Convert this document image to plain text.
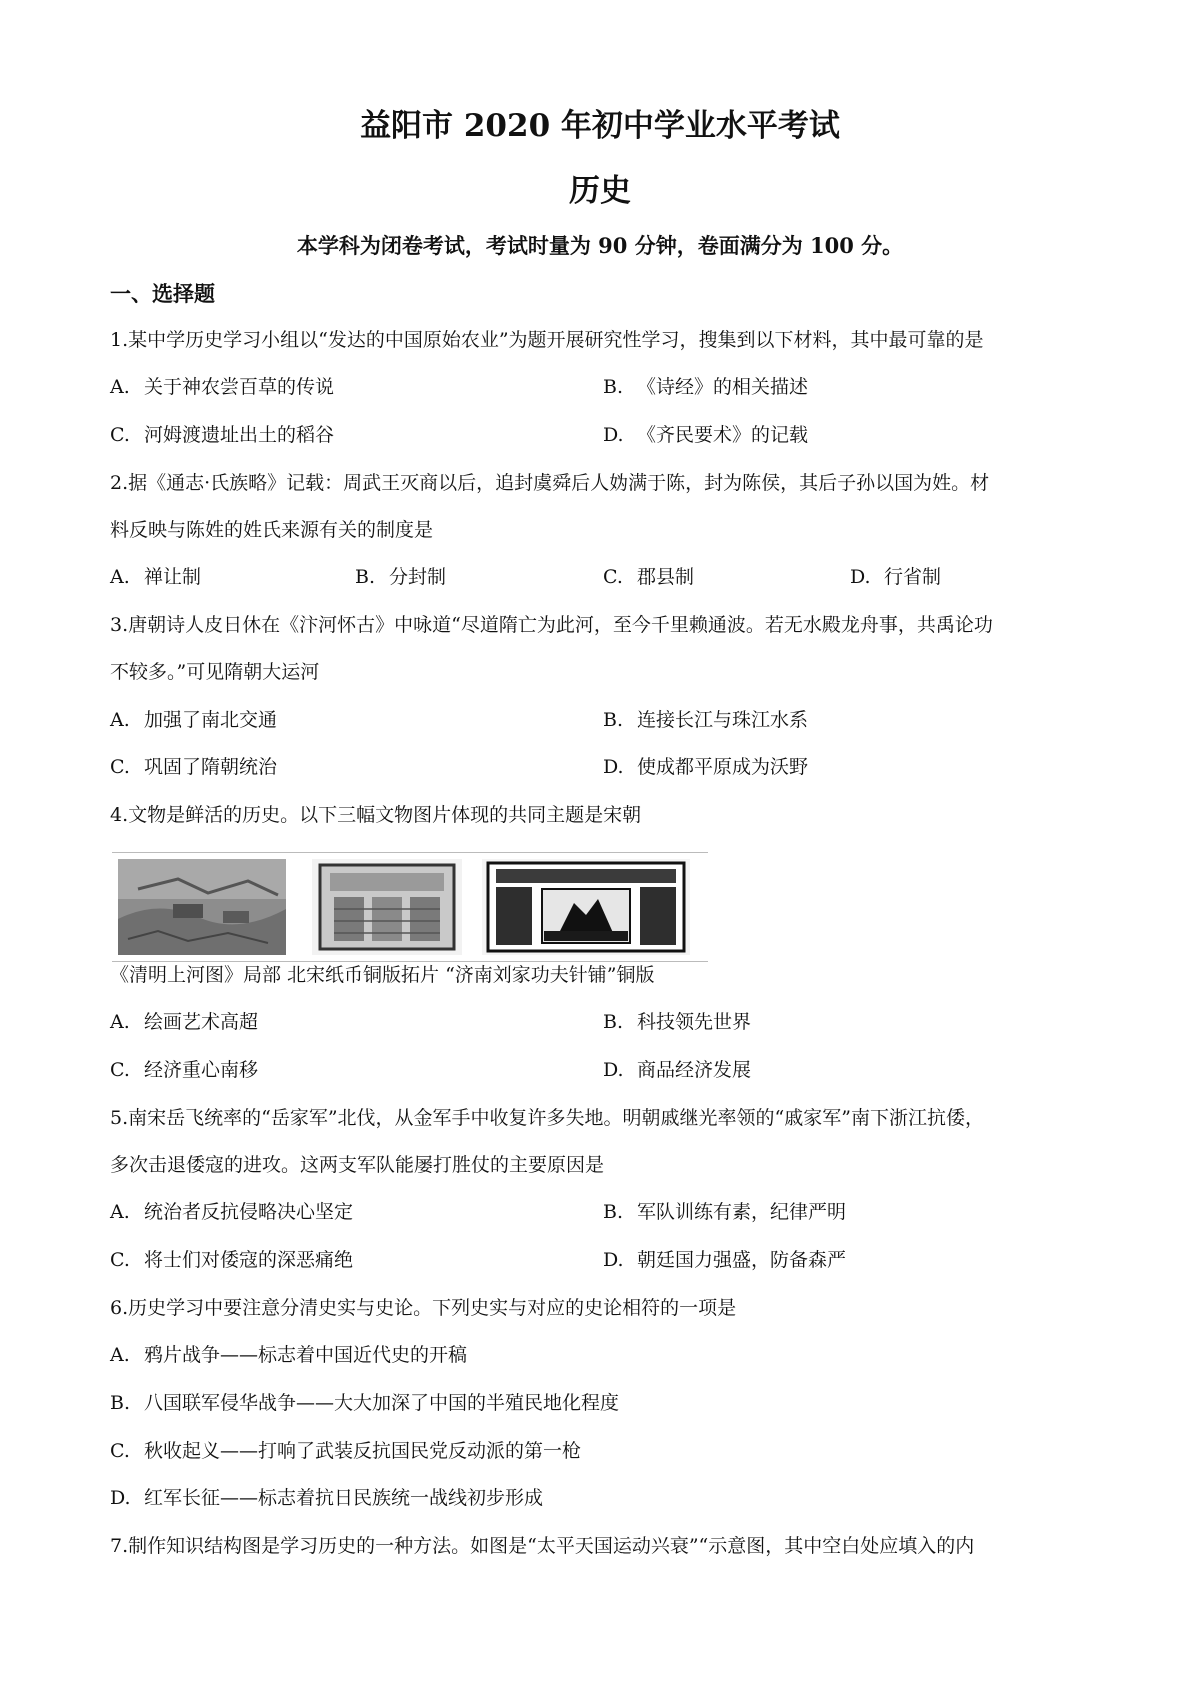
益阳市 2020 年初中学业水平考试
历史
本学科为闭卷考试，考试时量为 90 分钟，卷面满分为 100 分。
一、选择题
1.某中学历史学习小组以“发达的中国原始农业”为题开展研究性学习，搜集到以下材料，其中最可靠的是
A. 关于神农尝百草的传说	B. 《诗经》的相关描述
C. 河姆渡遗址出土的稻谷	D. 《齐民要术》的记载
2.据《通志·氏族略》记载：周武王灭商以后，追封虞舜后人妫满于陈，封为陈侯，其后子孙以国为姓。材
料反映与陈姓的姓氏来源有关的制度是
A. 禅让制	B. 分封制	C. 郡县制	D. 行省制
3.唐朝诗人皮日休在《汴河怀古》中咏道“尽道隋亡为此河，至今千里赖通波。若无水殿龙舟事，共禹论功
不较多。”可见隋朝大运河
A. 加强了南北交通	B. 连接长江与珠江水系
C. 巩固了隋朝统治	D. 使成都平原成为沃野
4.文物是鲜活的历史。以下三幅文物图片体现的共同主题是宋朝
《清明上河图》局部 北宋纸币铜版拓片 “济南刘家功夫针铺”铜版
A. 绘画艺术高超	B. 科技领先世界
C. 经济重心南移	D. 商品经济发展
5.南宋岳飞统率的“岳家军”北伐，从金军手中收复许多失地。明朝戚继光率领的“戚家军”南下浙江抗倭，
多次击退倭寇的进攻。这两支军队能屡打胜仗的主要原因是
A. 统治者反抗侵略决心坚定	B. 军队训练有素，纪律严明
C. 将士们对倭寇的深恶痛绝	D. 朝廷国力强盛，防备森严
6.历史学习中要注意分清史实与史论。下列史实与对应的史论相符的一项是
A. 鸦片战争——标志着中国近代史的开稿
B. 八国联军侵华战争——大大加深了中国的半殖民地化程度
C. 秋收起义——打响了武装反抗国民党反动派的第一枪
D. 红军长征——标志着抗日民族统一战线初步形成
7.制作知识结构图是学习历史的一种方法。如图是“太平天国运动兴衰”“示意图，其中空白处应填入的内
